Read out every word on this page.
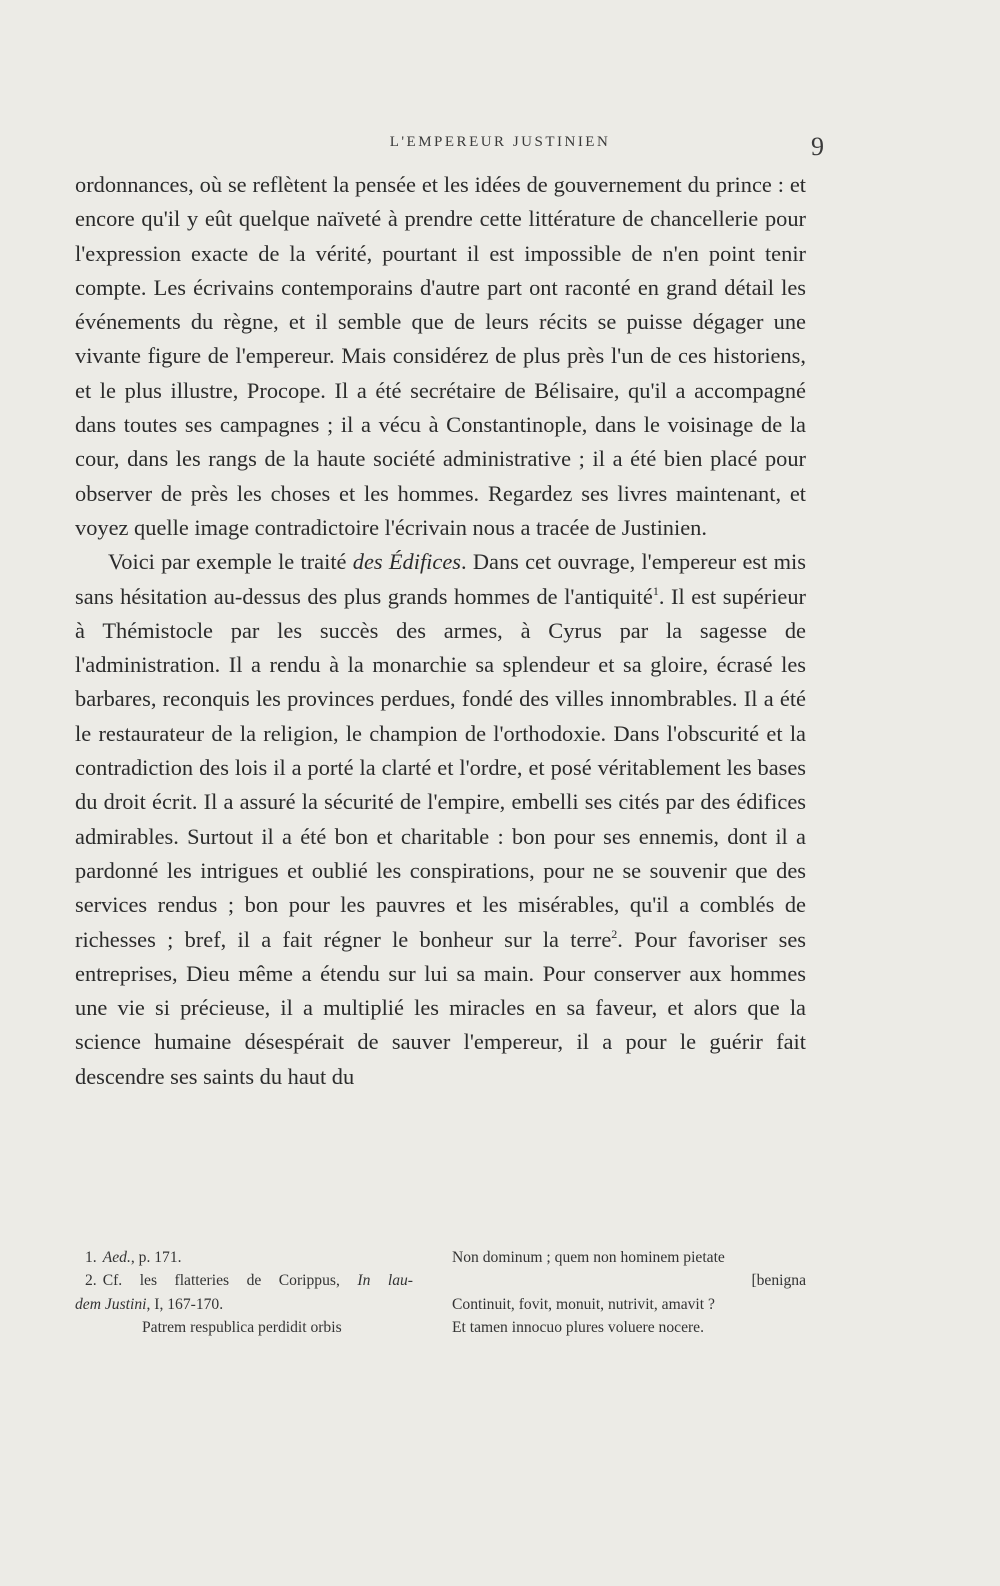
L'EMPEREUR JUSTINIEN	9

ordonnances, où se reflètent la pensée et les idées de gouvernement du prince : et encore qu'il y eût quelque naïveté à prendre cette littérature de chancellerie pour l'expression exacte de la vérité, pourtant il est impossible de n'en point tenir compte. Les écrivains contemporains d'autre part ont raconté en grand détail les événements du règne, et il semble que de leurs récits se puisse dégager une vivante figure de l'empereur. Mais considérez de plus près l'un de ces historiens, et le plus illustre, Procope. Il a été secrétaire de Bélisaire, qu'il a accompagné dans toutes ses campagnes ; il a vécu à Constantinople, dans le voisinage de la cour, dans les rangs de la haute société administrative ; il a été bien placé pour observer de près les choses et les hommes. Regardez ses livres maintenant, et voyez quelle image contradictoire l'écrivain nous a tracée de Justinien.

Voici par exemple le traité des Édifices. Dans cet ouvrage, l'empereur est mis sans hésitation au-dessus des plus grands hommes de l'antiquité$^1$. Il est supérieur à Thémistocle par les succès des armes, à Cyrus par la sagesse de l'administration. Il a rendu à la monarchie sa splendeur et sa gloire, écrasé les barbares, reconquis les provinces perdues, fondé des villes innombrables. Il a été le restaurateur de la religion, le champion de l'orthodoxie. Dans l'obscurité et la contradiction des lois il a porté la clarté et l'ordre, et posé véritablement les bases du droit écrit. Il a assuré la sécurité de l'empire, embelli ses cités par des édifices admirables. Surtout il a été bon et charitable : bon pour ses ennemis, dont il a pardonné les intrigues et oublié les conspirations, pour ne se souvenir que des services rendus ; bon pour les pauvres et les misérables, qu'il a comblés de richesses ; bref, il a fait régner le bonheur sur la terre$^2$. Pour favoriser ses entreprises, Dieu même a étendu sur lui sa main. Pour conserver aux hommes une vie si précieuse, il a multiplié les miracles en sa faveur, et alors que la science humaine désespérait de sauver l'empereur, il a pour le guérir fait descendre ses saints du haut du

1. Aed., p. 171.
2. Cf. les flatteries de Corippus, In lau-
dem Justini, I, 167-170.
Patrem respublica perdidit orbis
Non dominum ; quem non hominem pietate
[benigna
Continuit, fovit, monuit, nutrivit, amavit ?
Et tamen innocuo plures voluere nocere.
